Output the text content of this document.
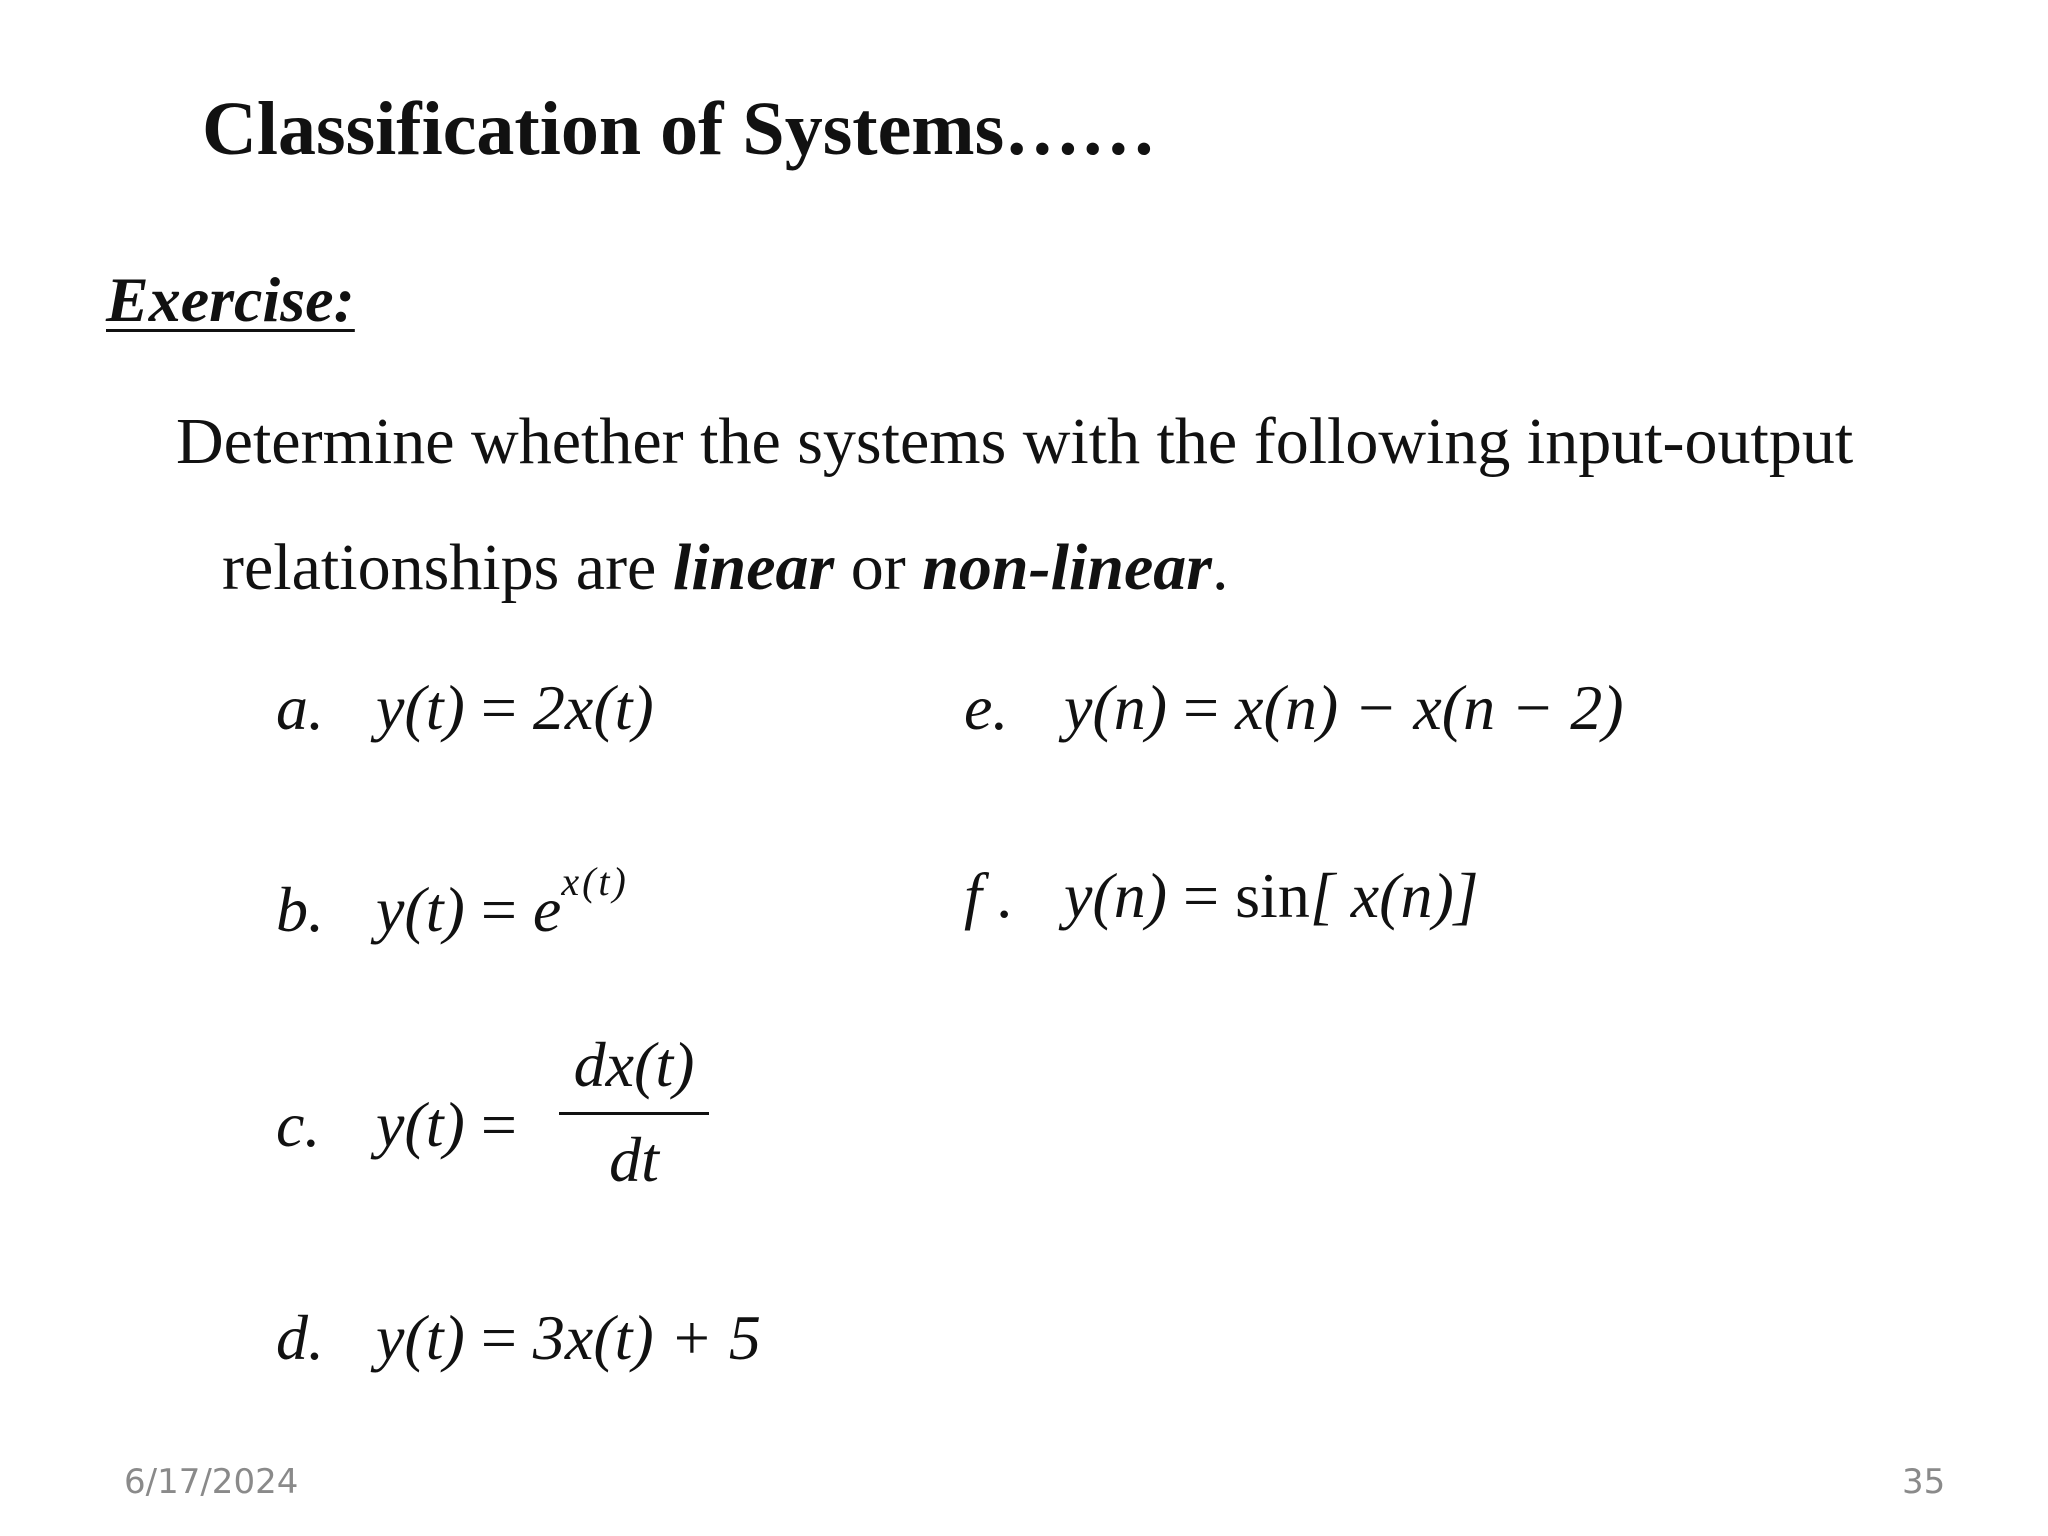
Classification of Systems……
Exercise:
Determine whether the systems with the following input-output
relationships are linear or non-linear.
a. y(t) = 2x(t)
b. $y(t) = e^{x(t)}$
c. $y(t) = \frac{dx(t)}{dt}$
d. y(t) = 3x(t) + 5
e. y(n) = x(n) − x(n − 2)
f . y(n) = sin[ x(n)]
6/17/2024	35
